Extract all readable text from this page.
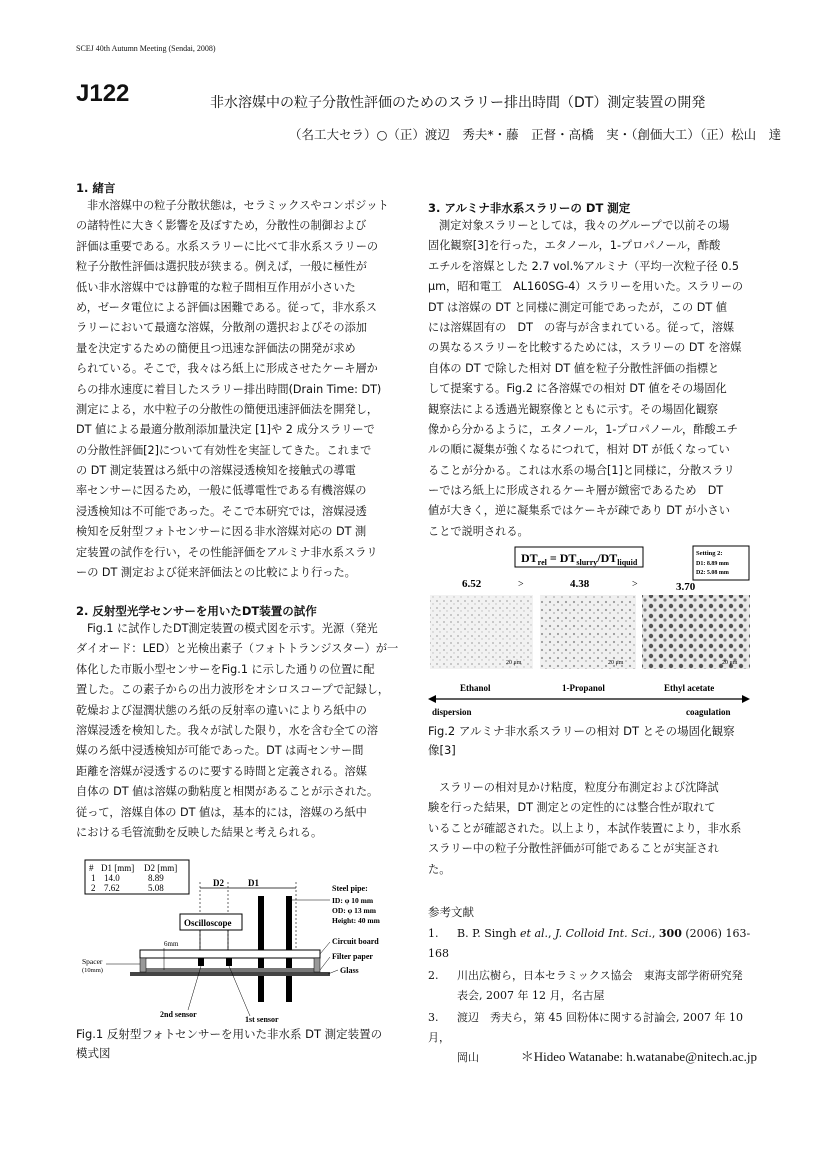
SCEJ 40th Autumn Meeting (Sendai, 2008)
J122	非水溶媒中の粒子分散性評価のためのスラリー排出時間（DT）測定装置の開発
（名工大セラ）○（正）渡辺　秀夫*・藤　正督・高橋　実・（創価大工）（正）松山　達
1. 緒言
非水溶媒中の粒子分散状態は，セラミックスやコンポジット
の諸特性に大きく影響を及ぼすため，分散性の制御および
評価は重要である。水系スラリーに比べて非水系スラリーの
粒子分散性評価は選択肢が狭まる。例えば，一般に極性が
低い非水溶媒中では静電的な粒子間相互作用が小さいた
め，ゼータ電位による評価は困難である。従って，非水系ス
ラリーにおいて最適な溶媒，分散剤の選択およびその添加
量を決定するための簡便且つ迅速な評価法の開発が求め
られている。そこで，我々はろ紙上に形成させたケーキ層か
らの排水速度に着目したスラリー排出時間(Drain Time: DT)
測定による，水中粒子の分散性の簡便迅速評価法を開発し，
DT 値による最適分散剤添加量決定 [1]や 2 成分スラリーで
の分散性評価[2]について有効性を実証してきた。これまで
の DT 測定装置はろ紙中の溶媒浸透検知を接触式の導電
率センサーに因るため，一般に低導電性である有機溶媒の
浸透検知は不可能であった。そこで本研究では，溶媒浸透
検知を反射型フォトセンサーに因る非水溶媒対応の DT 測
定装置の試作を行い，その性能評価をアルミナ非水系スラリ
ーの DT 測定および従来評価法との比較により行った。
2. 反射型光学センサーを用いたDT装置の試作
Fig.1 に試作したDT測定装置の模式図を示す。光源（発光
ダイオード：LED）と光検出素子（フォトトランジスター）が一
体化した市販小型センサーをFig.1 に示した通りの位置に配
置した。この素子からの出力波形をオシロスコープで記録し，
乾燥および湿潤状態のろ紙の反射率の違いによりろ紙中の
溶媒浸透を検知した。我々が試した限り，水を含む全ての溶
媒のろ紙中浸透検知が可能であった。DT は両センサー間
距離を溶媒が浸透するのに要する時間と定義される。溶媒
自体の DT 値は溶媒の動粘度と相関があることが示された。
従って，溶媒自体の DT 値は，基本的には，溶媒のろ紙中
における毛管流動を反映した結果と考えられる。
# D1 [mm] D2 [mm]
1 14.0	8.89
2 7.62	5.08	D2	D1
Oscilloscope
Steel pipe:
ID: φ 10 mm
OD: φ 13 mm
Height: 40 mm
Circuit board
Filter paper
Glass
6mm
Spacer
(10mm)
2nd sensor
1st sensor
Fig.1 反射型フォトセンサーを用いた非水系 DT 測定装置の
模式図
3. アルミナ非水系スラリーの DT 測定
測定対象スラリーとしては，我々のグループで以前その場
固化観察[3]を行った，エタノール，1-プロパノール，酢酸
エチルを溶媒とした 2.7 vol.%アルミナ（平均一次粒子径 0.5
μm，昭和電工　AL160SG-4）スラリーを用いた。スラリーの
DT は溶媒の DT と同様に測定可能であったが，この DT 値
には溶媒固有の　DT　の寄与が含まれている。従って，溶媒
の異なるスラリーを比較するためには，スラリーの DT を溶媒
自体の DT で除した相対 DT 値を粒子分散性評価の指標と
して提案する。Fig.2 に各溶媒での相対 DT 値をその場固化
観察法による透過光観察像とともに示す。その場固化観察
像から分かるように，エタノール，1-プロパノール，酢酸エチ
ルの順に凝集が強くなるにつれて，相対 DT が低くなってい
ることが分かる。これは水系の場合[1]と同様に，分散スラリ
ーではろ紙上に形成されるケーキ層が緻密であるため　DT
値が大きく，逆に凝集系ではケーキが疎であり DT が小さい
ことで説明される。
$DT_{rel} = DT_{slurry}/DT_{liquid}$
Setting 2:
D1: 8.89 mm
D2: 5.08 mm
6.52	>	4.38	>	3.70
20 μm	20 μm	20 μm
Ethanol	1-Propanol	Ethyl acetate
dispersion	coagulation
Fig.2 アルミナ非水系スラリーの相対 DT とその場固化観察
像[3]
スラリーの相対見かけ粘度，粒度分布測定および沈降試
験を行った結果，DT 測定との定性的には整合性が取れて
いることが確認された。以上より，本試作装置により，非水系
スラリー中の粒子分散性評価が可能であることが実証され
た。
参考文献
1. B. P. Singh et al., J. Colloid Int. Sci., 300 (2006) 163-168
2. 川出広樹ら，日本セラミックス協会　東海支部学術研究発
表会, 2007 年 12 月，名古屋
3. 渡辺　秀夫ら，第 45 回粉体に関する討論会, 2007 年 10 月，
岡山	＊Hideo Watanabe: h.watanabe@nitech.ac.jp
